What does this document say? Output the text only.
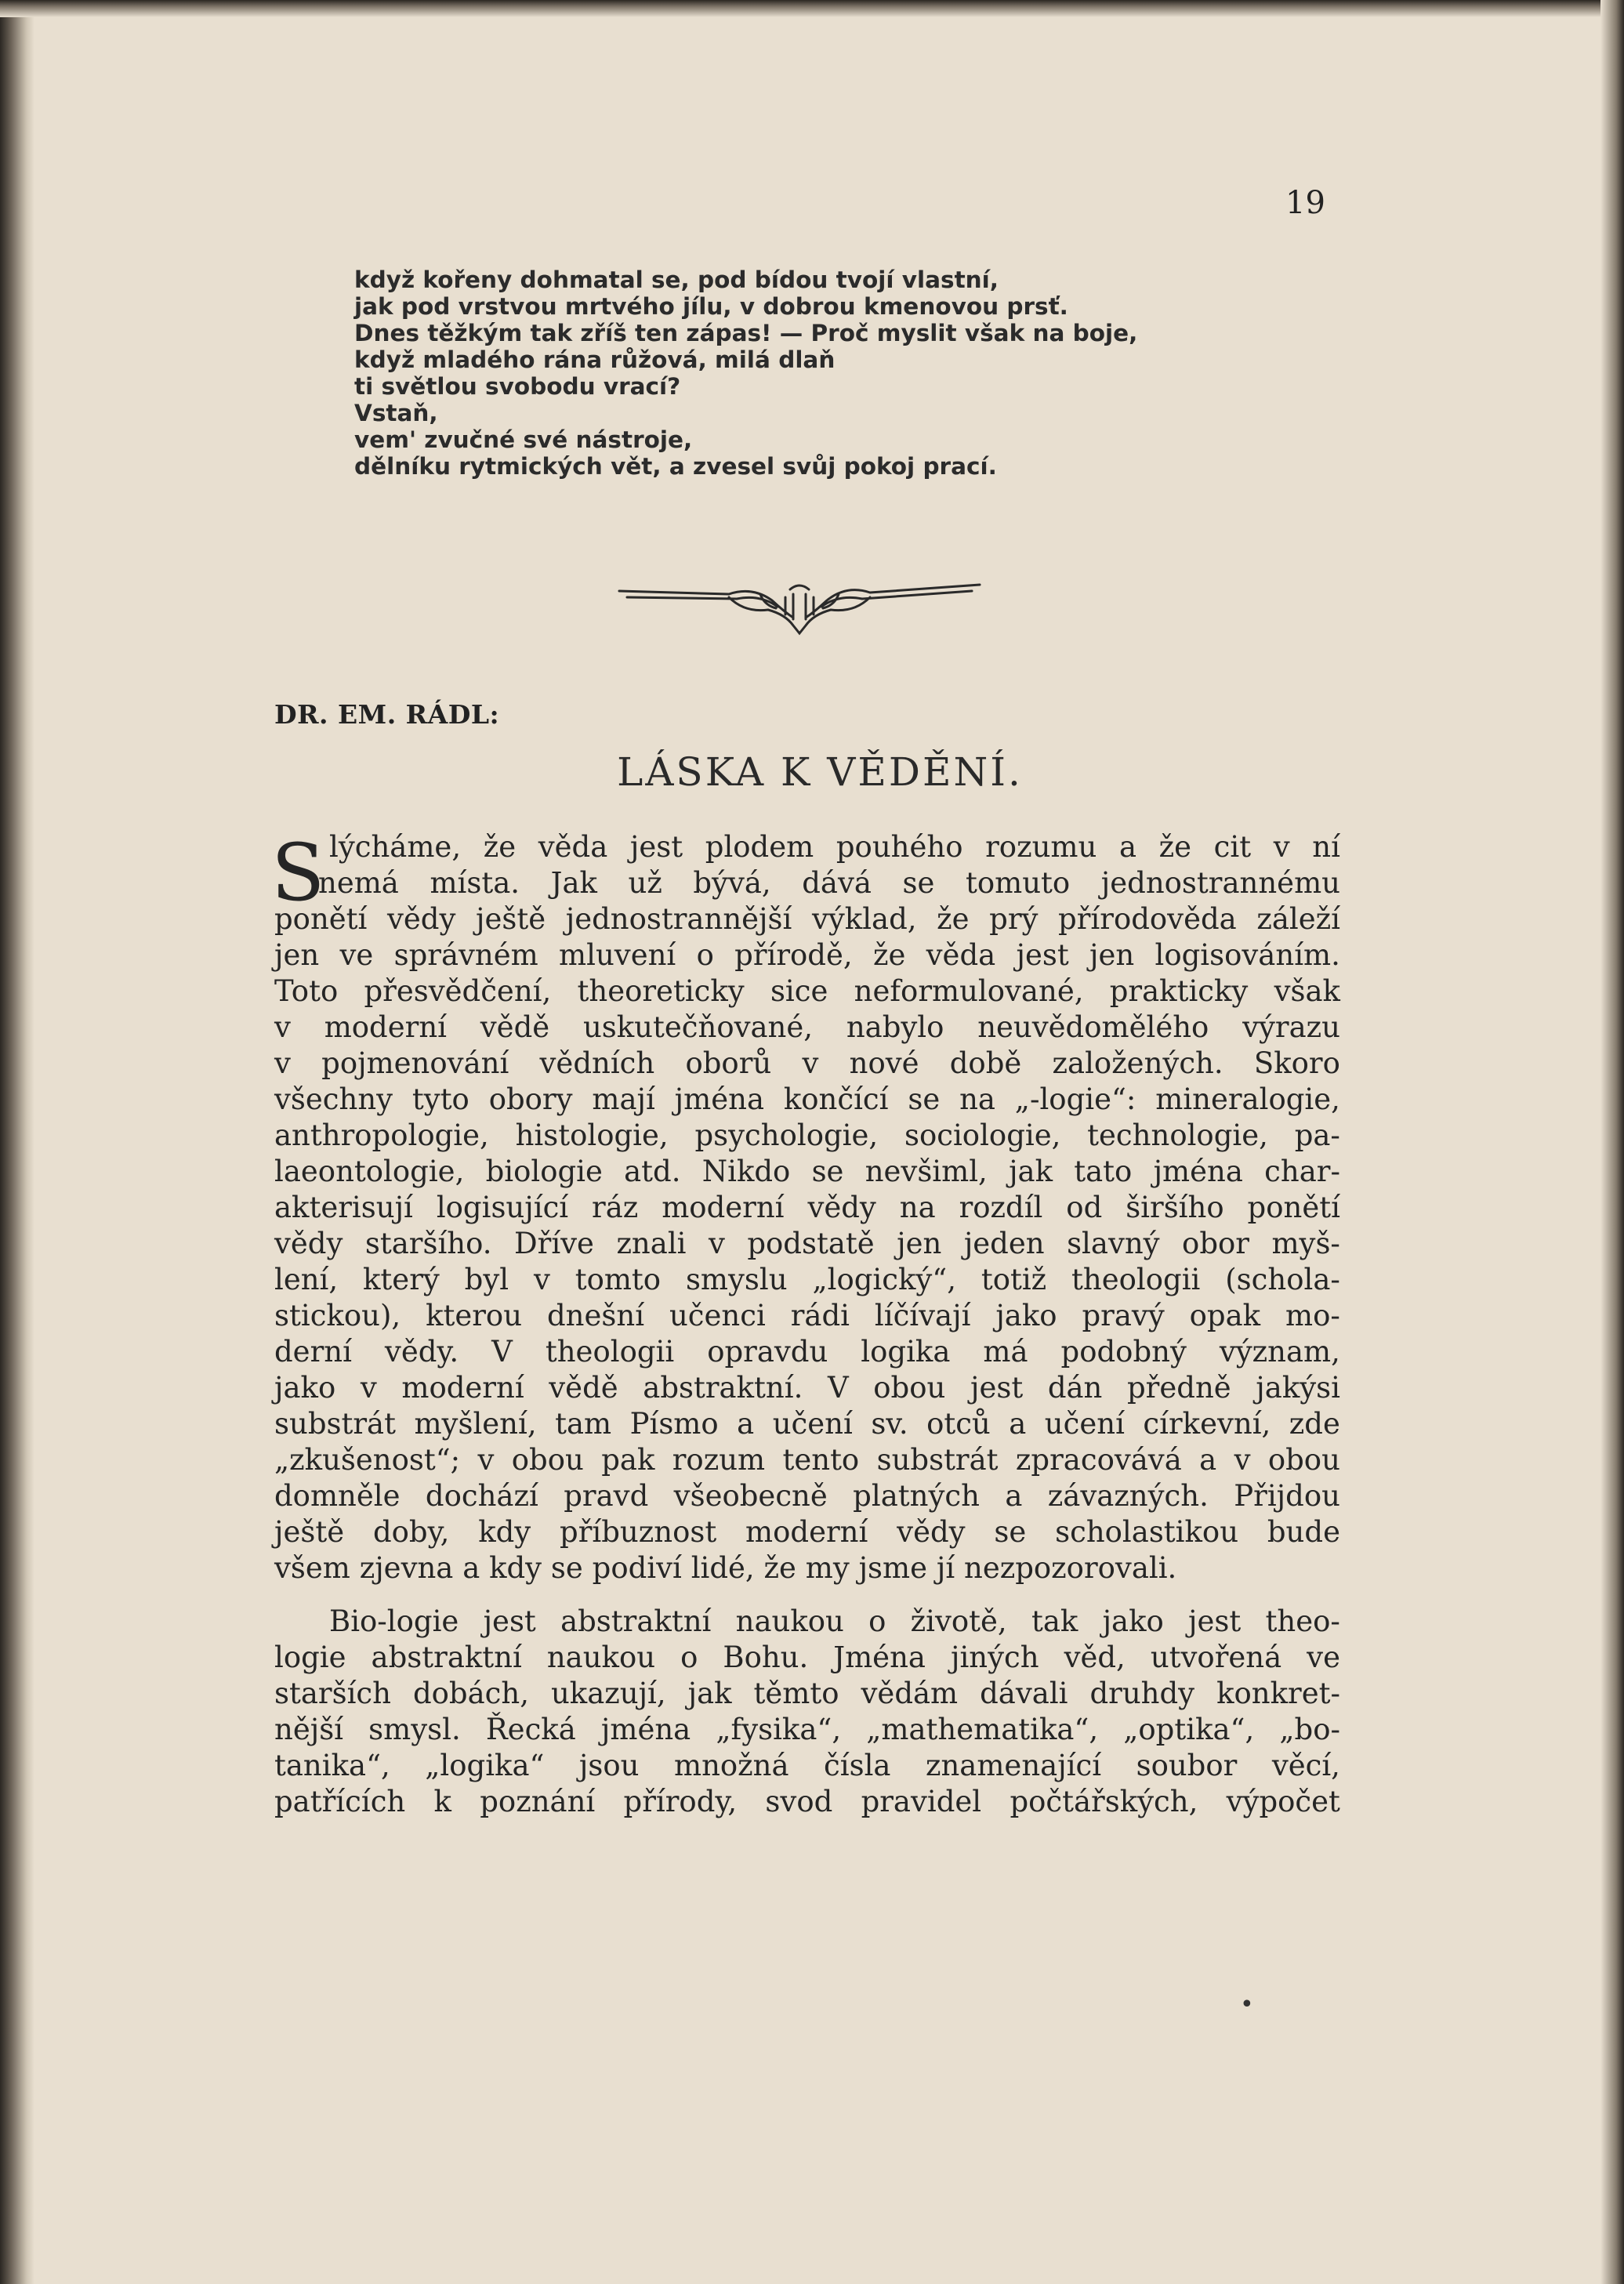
19
když kořeny dohmatal se, pod bídou tvojí vlastní,
jak pod vrstvou mrtvého jílu, v dobrou kmenovou prsť.
Dnes těžkým tak zříš ten zápas! — Proč myslit však na boje,
když mladého rána růžová, milá dlaň
ti světlou svobodu vrací?
Vstaň,
vem' zvučné své nástroje,
dělníku rytmických vět, a zvesel svůj pokoj prací.
DR. EM. RÁDL:
LÁSKA K VĚDĚNÍ.
S lýcháme, že věda jest plodem pouhého rozumu a že cit v ní
nemá místa. Jak už bývá, dává se tomuto jednostrannému
ponětí vědy ještě jednostrannější výklad, že prý přírodověda záleží
jen ve správném mluvení o přírodě, že věda jest jen logisováním.
Toto přesvědčení, theoreticky sice neformulované, prakticky však
v moderní vědě uskutečňované, nabylo neuvědomělého výrazu
v pojmenování vědních oborů v nové době založených. Skoro
všechny tyto obory mají jména končící se na „-logie“: mineralogie,
anthropologie, histologie, psychologie, sociologie, technologie, pa-
laeontologie, biologie atd. Nikdo se nevšiml, jak tato jména char-
akterisují logisující ráz moderní vědy na rozdíl od širšího ponětí
vědy staršího. Dříve znali v podstatě jen jeden slavný obor myš-
lení, který byl v tomto smyslu „logický“, totiž theologii (schola-
stickou), kterou dnešní učenci rádi líčívají jako pravý opak mo-
derní vědy. V theologii opravdu logika má podobný význam,
jako v moderní vědě abstraktní. V obou jest dán předně jakýsi
substrát myšlení, tam Písmo a učení sv. otců a učení církevní, zde
„zkušenost“; v obou pak rozum tento substrát zpracovává a v obou
domněle dochází pravd všeobecně platných a závazných. Přijdou
ještě doby, kdy příbuznost moderní vědy se scholastikou bude
všem zjevna a kdy se podiví lidé, že my jsme jí nezpozorovali.
Bio-logie jest abstraktní naukou o životě, tak jako jest theo-
logie abstraktní naukou o Bohu. Jména jiných věd, utvořená ve
starších dobách, ukazují, jak těmto vědám dávali druhdy konkret-
nější smysl. Řecká jména „fysika“, „mathematika“, „optika“, „bo-
tanika“, „logika“ jsou množná čísla znamenající soubor věcí,
patřících k poznání přírody, svod pravidel počtářských, výpočet
•
